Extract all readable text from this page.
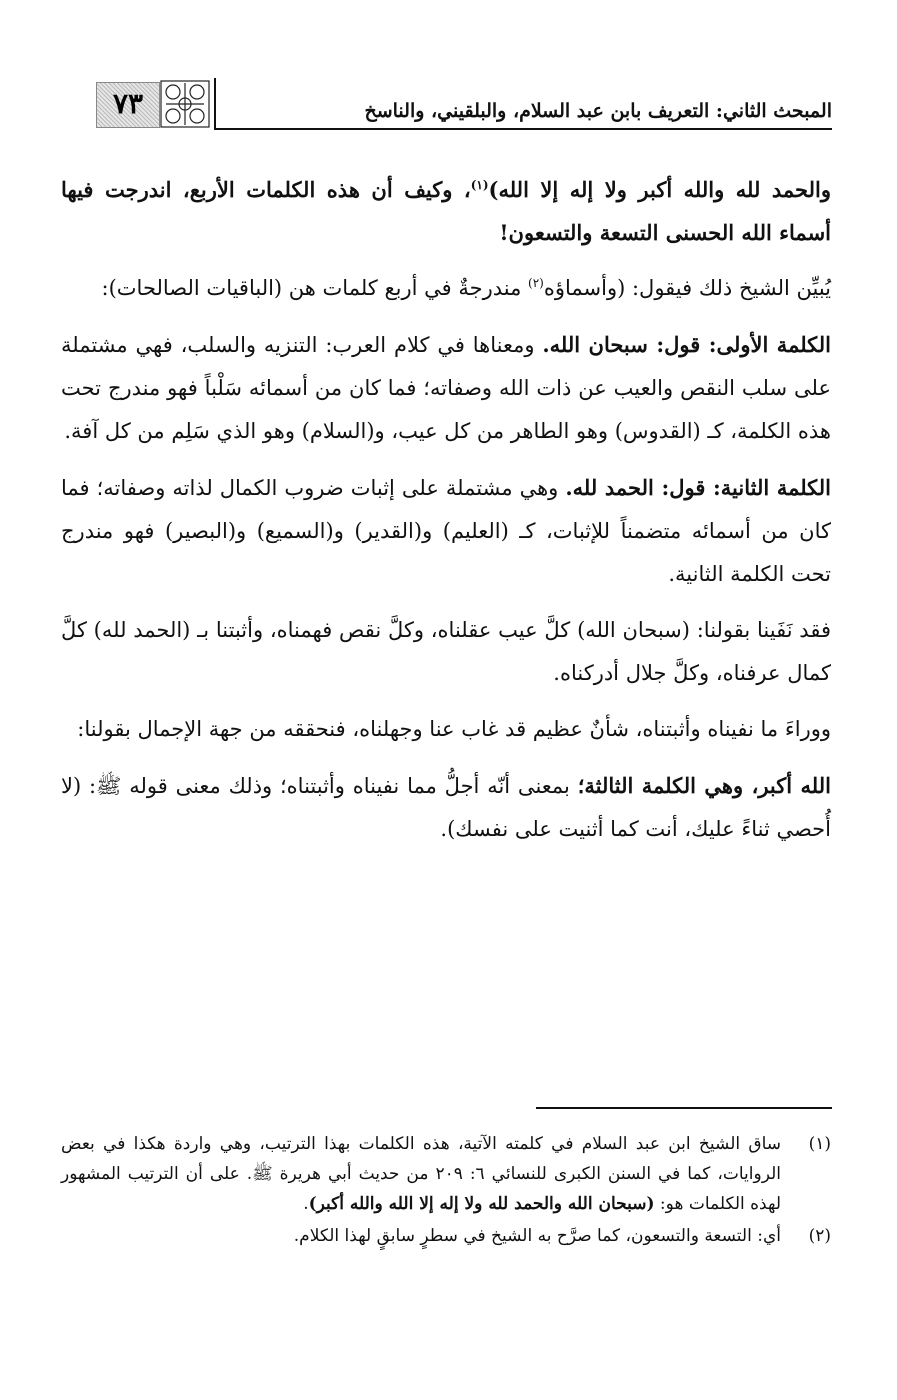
٧٣	المبحث الثاني: التعريف بابن عبد السلام، والبلقيني، والناسخ

والحمد لله والله أكبر ولا إله إلا الله)$^{(١)}$، وكيف أن هذه الكلمات الأربع، اندرجت فيها أسماء الله الحسنى التسعة والتسعون!

يُبيِّن الشيخ ذلك فيقول: (وأسماؤه$^{(٢)}$ مندرجةٌ في أربع كلمات هن (الباقيات الصالحات):

الكلمة الأولى: قول: سبحان الله. ومعناها في كلام العرب: التنزيه والسلب، فهي مشتملة على سلب النقص والعيب عن ذات الله وصفاته؛ فما كان من أسمائه سَلْباً فهو مندرج تحت هذه الكلمة، كـ (القدوس) وهو الطاهر من كل عيب، و(السلام) وهو الذي سَلِم من كل آفة.

الكلمة الثانية: قول: الحمد لله. وهي مشتملة على إثبات ضروب الكمال لذاته وصفاته؛ فما كان من أسمائه متضمناً للإثبات، كـ (العليم) و(القدير) و(السميع) و(البصير) فهو مندرج تحت الكلمة الثانية.

فقد نَفَينا بقولنا: (سبحان الله) كلَّ عيب عقلناه، وكلَّ نقص فهمناه، وأثبتنا بـ (الحمد لله) كلَّ كمال عرفناه، وكلَّ جلال أدركناه.

ووراءَ ما نفيناه وأثبتناه، شأنٌ عظيم قد غاب عنا وجهلناه، فنحققه من جهة الإجمال بقولنا:

الله أكبر، وهي الكلمة الثالثة؛ بمعنى أنّه أجلُّ مما نفيناه وأثبتناه؛ وذلك معنى قوله ﷺ: (لا أُحصي ثناءً عليك، أنت كما أثنيت على نفسك).

(١)
ساق الشيخ ابن عبد السلام في كلمته الآتية، هذه الكلمات بهذا الترتيب، وهي واردة هكذا في بعض الروايات، كما في السنن الكبرى للنسائي ٦: ٢٠٩ من حديث أبي هريرة ﷺ. على أن الترتيب المشهور لهذه الكلمات هو: (سبحان الله والحمد لله ولا إله إلا الله والله أكبر).

(٢)
أي: التسعة والتسعون، كما صرَّح به الشيخ في سطرٍ سابقٍ لهذا الكلام.
